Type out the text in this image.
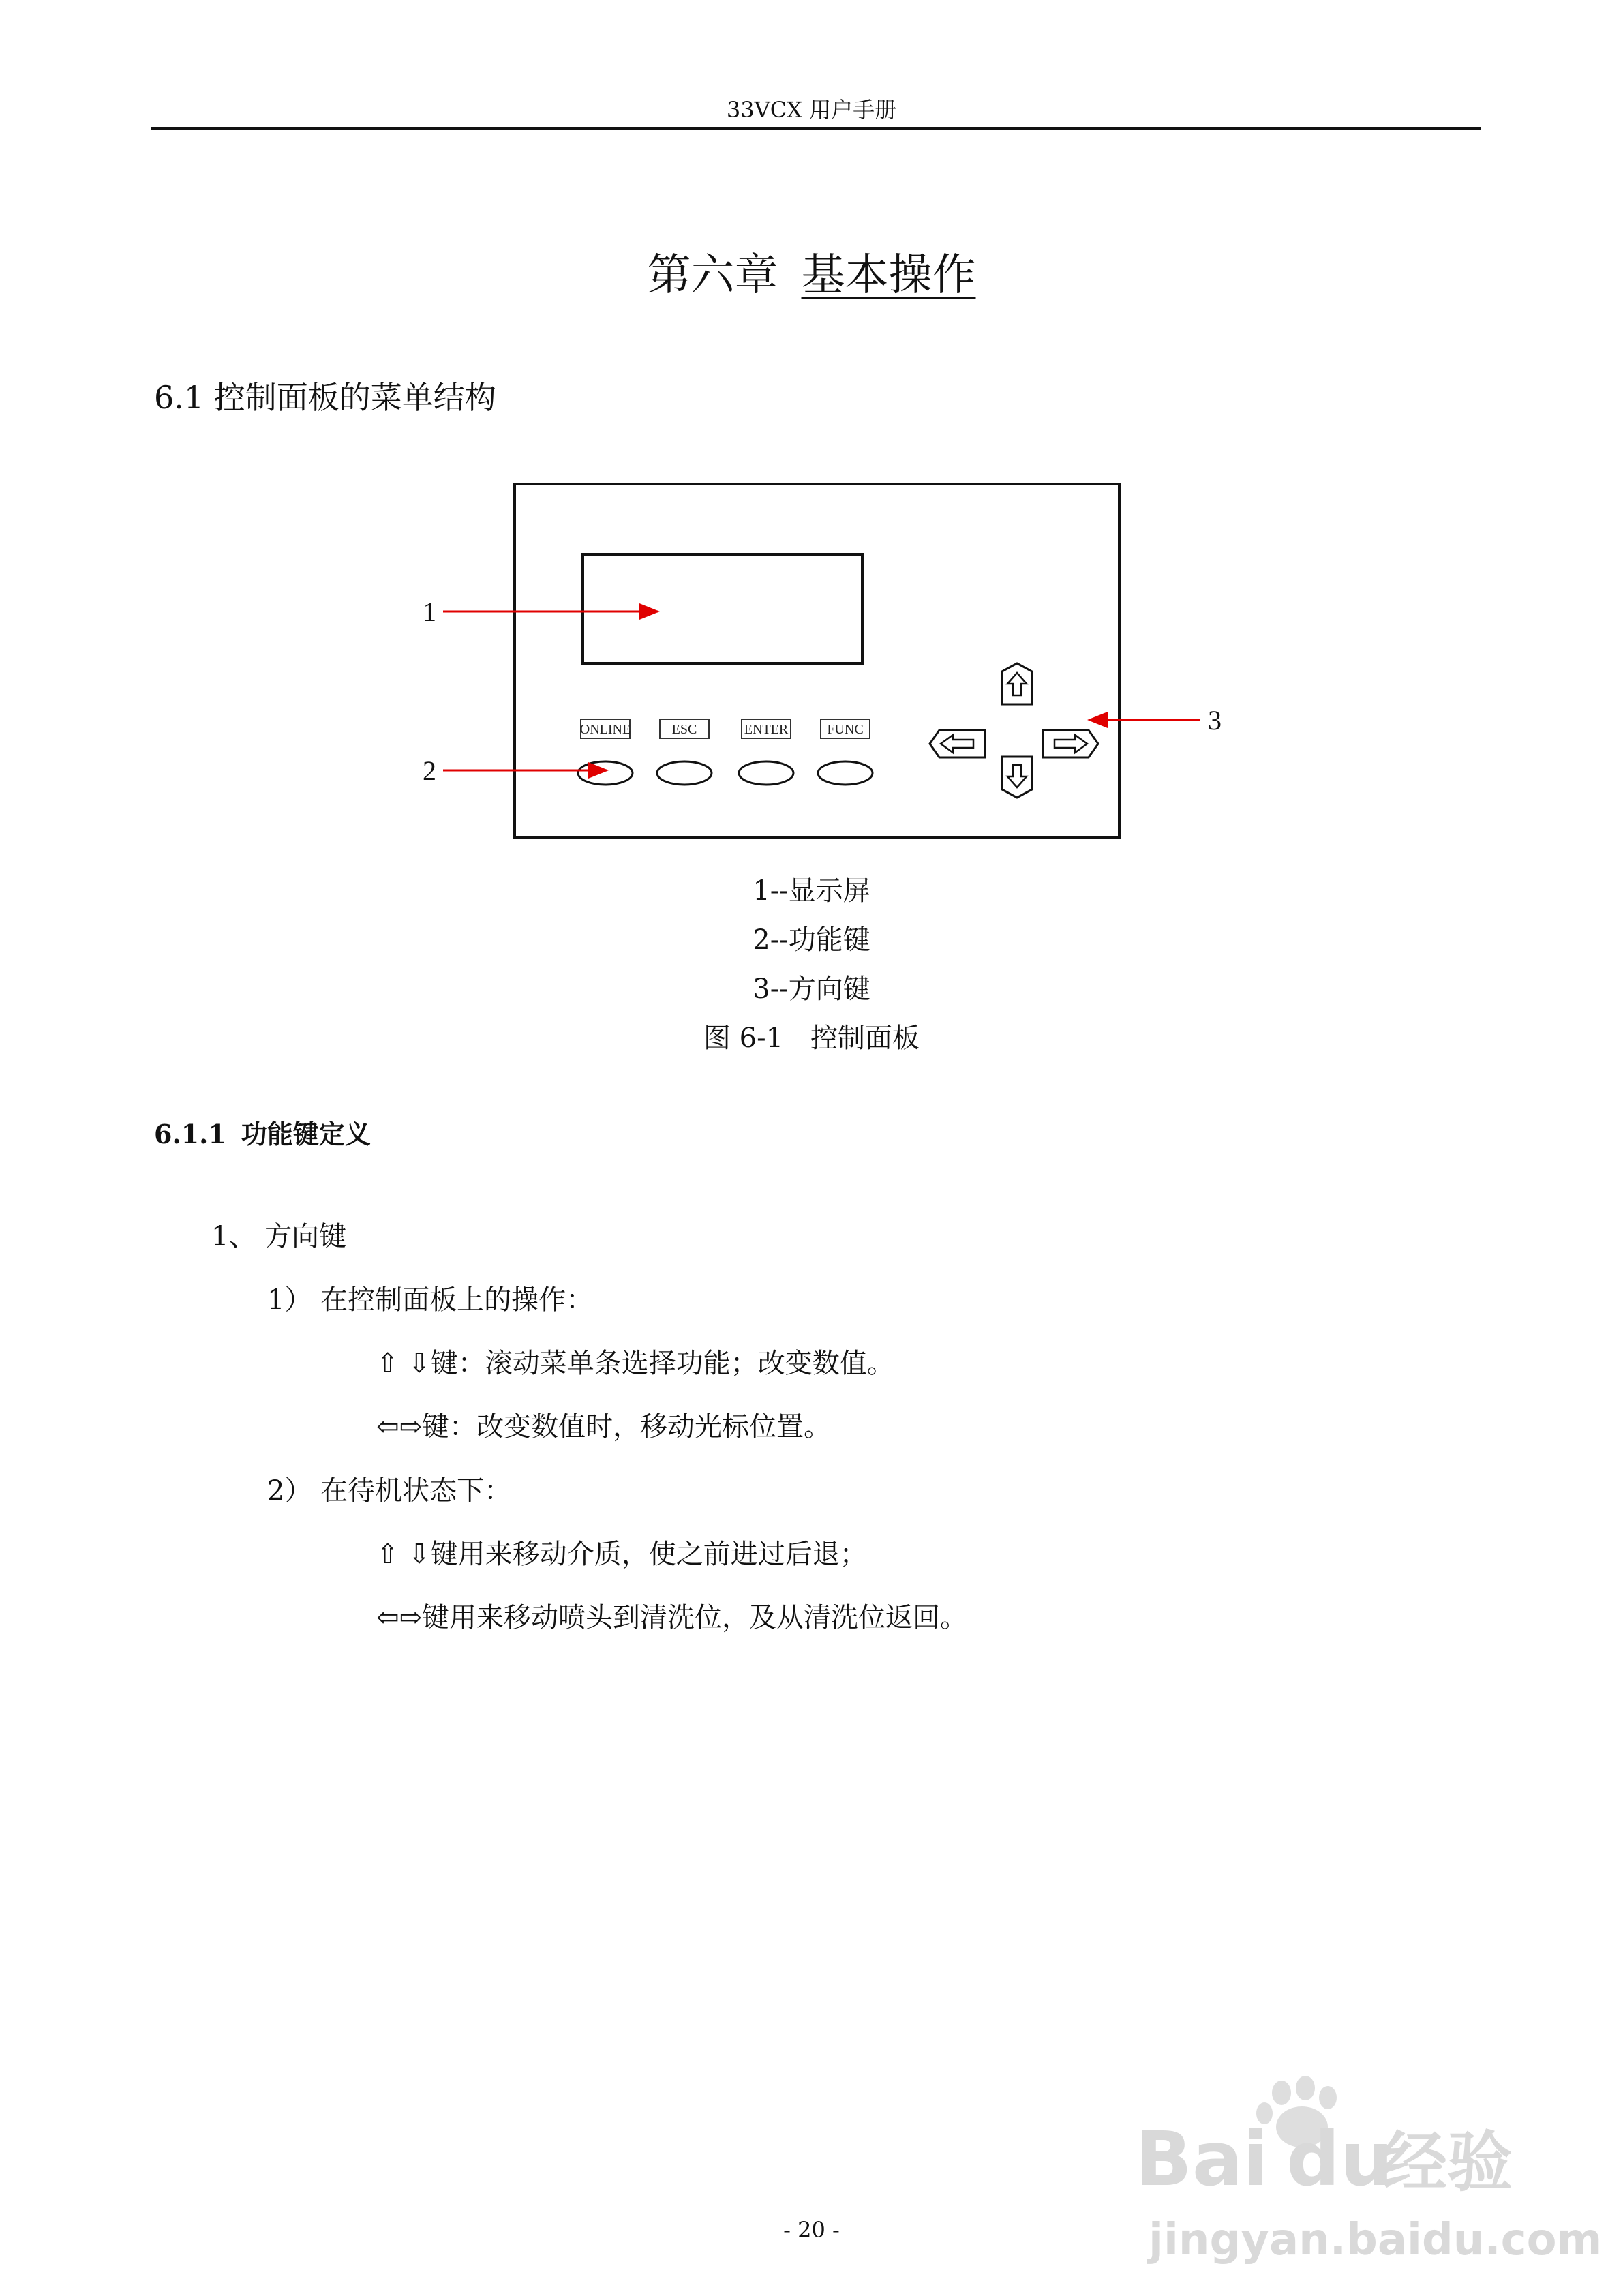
33VCX 用户手册
第六章 基本操作
6.1 控制面板的菜单结构
ONLINE	ESC	ENTER	FUNC
1
2
3
1--显示屏
2--功能键
3--方向键
图 6-1　控制面板
6.1.1 功能键定义
1、 方向键
1） 在控制面板上的操作：
⇧ ⇩键：滚动菜单条选择功能；改变数值。
⇦⇨键：改变数值时，移动光标位置。
2） 在待机状态下：
⇧ ⇩键用来移动介质，使之前进过后退；
⇦⇨键用来移动喷头到清洗位，及从清洗位返回。
- 20 -
Bai du
经验
jingyan.baidu.com
